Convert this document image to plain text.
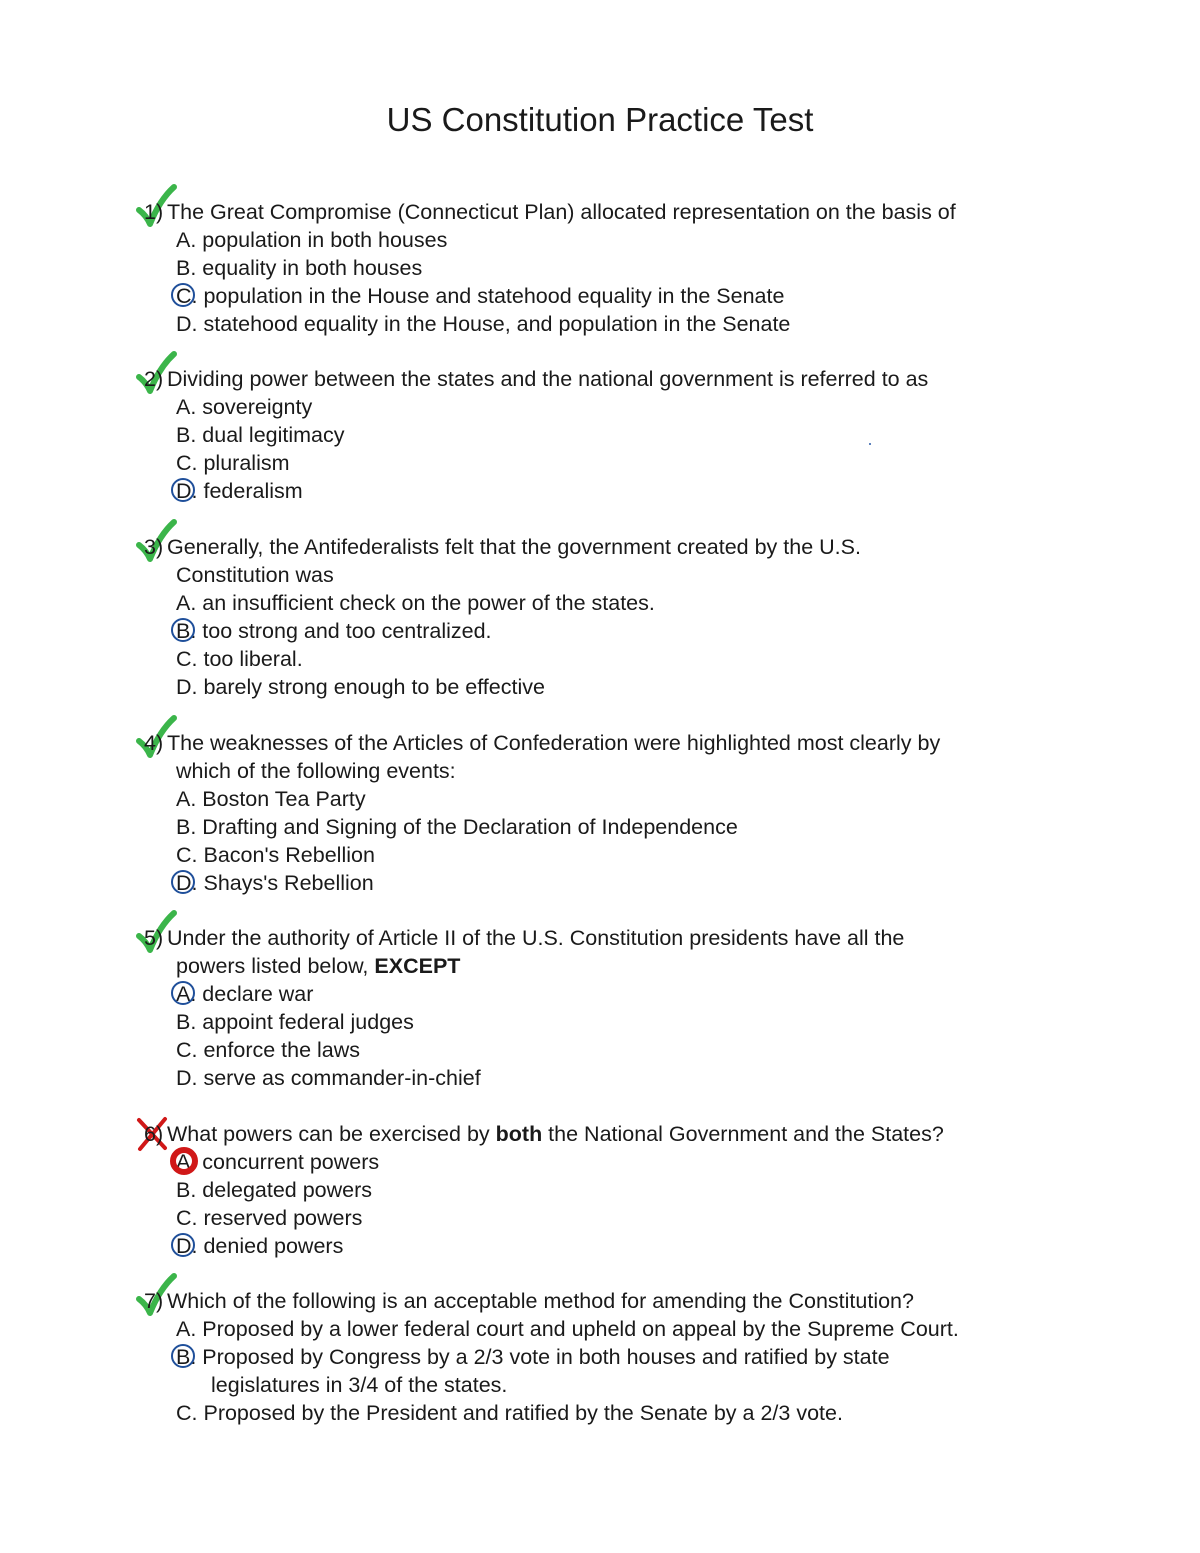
US Constitution Practice Test
1) The Great Compromise (Connecticut Plan) allocated representation on the basis of
A. population in both houses
B. equality in both houses
C
. population in the House and statehood equality in the Senate
D. statehood equality in the House, and population in the Senate
2) Dividing power between the states and the national government is referred to as
A. sovereignty
B. dual legitimacy
C. pluralism
D
. federalism
3) Generally, the Antifederalists felt that the government created by the U.S.
Constitution was
A. an insufficient check on the power of the states.
B
. too strong and too centralized.
C. too liberal.
D. barely strong enough to be effective
4) The weaknesses of the Articles of Confederation were highlighted most clearly by
which of the following events:
A. Boston Tea Party
B. Drafting and Signing of the Declaration of Independence
C. Bacon's Rebellion
D
. Shays's Rebellion
5) Under the authority of Article II of the U.S. Constitution presidents have all the
powers listed below, EXCEPT
A
. declare war
B. appoint federal judges
C. enforce the laws
D. serve as commander-in-chief
6) What powers can be exercised by both the National Government and the States?
A
. concurrent powers
B. delegated powers
C. reserved powers
D
. denied powers
7) Which of the following is an acceptable method for amending the Constitution?
A. Proposed by a lower federal court and upheld on appeal by the Supreme Court.
B
. Proposed by Congress by a 2/3 vote in both houses and ratified by state
legislatures in 3/4 of the states.
C. Proposed by the President and ratified by the Senate by a 2/3 vote.
